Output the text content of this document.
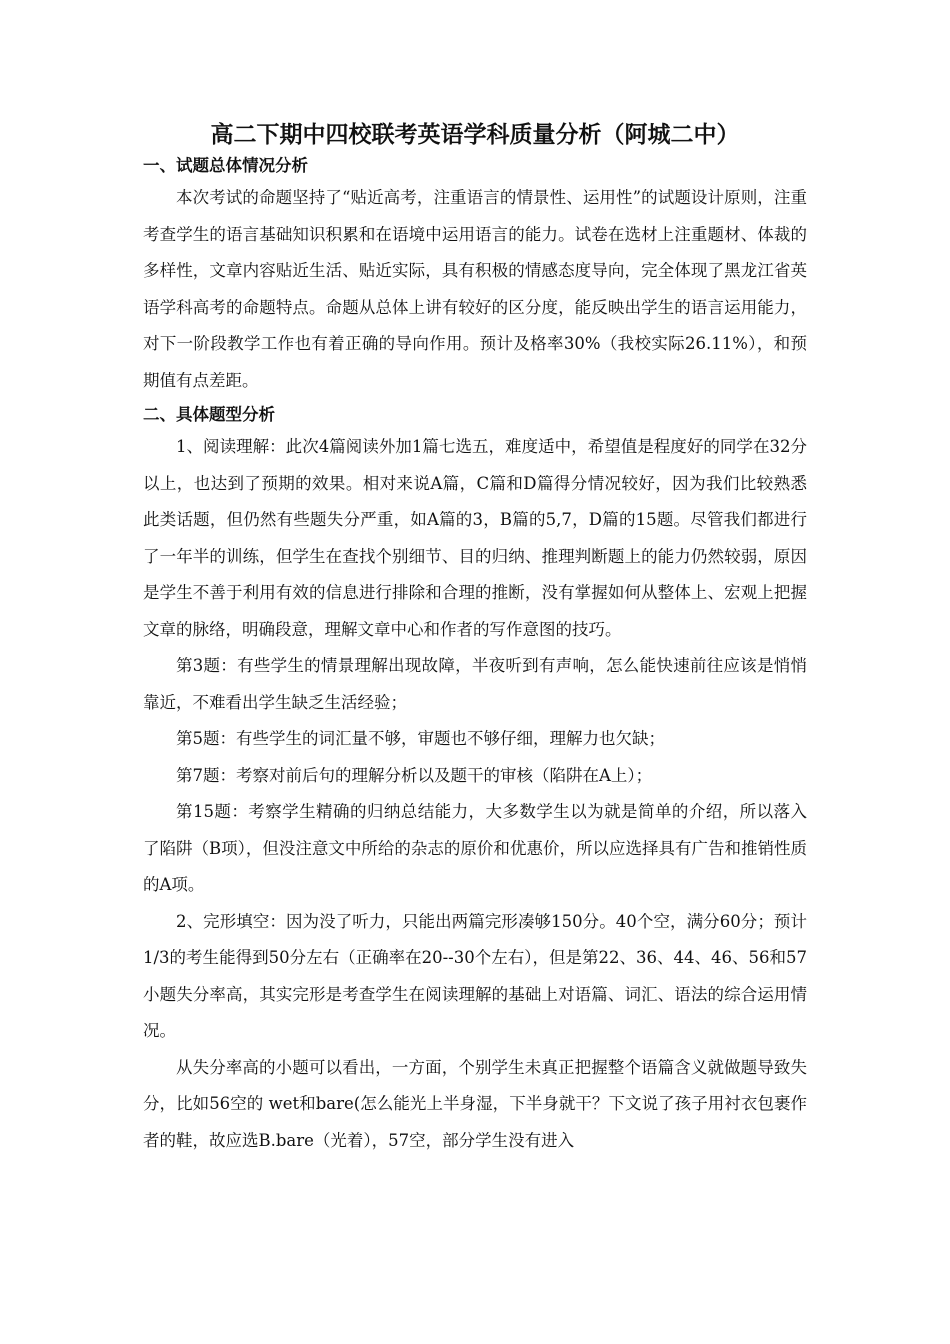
高二下期中四校联考英语学科质量分析（阿城二中）
一、试题总体情况分析

本次考试的命题坚持了“贴近高考，注重语言的情景性、运用性”的试题设计原则，注重考查学生的语言基础知识积累和在语境中运用语言的能力。试卷在选材上注重题材、体裁的多样性，文章内容贴近生活、贴近实际，具有积极的情感态度导向，完全体现了黑龙江省英语学科高考的命题特点。命题从总体上讲有较好的区分度，能反映出学生的语言运用能力，对下一阶段教学工作也有着正确的导向作用。预计及格率30%（我校实际26.11%），和预期值有点差距。

二、具体题型分析

1、阅读理解：此次4篇阅读外加1篇七选五，难度适中，希望值是程度好的同学在32分以上，也达到了预期的效果。相对来说A篇，C篇和D篇得分情况较好，因为我们比较熟悉此类话题，但仍然有些题失分严重，如A篇的3，B篇的5,7，D篇的15题。尽管我们都进行了一年半的训练，但学生在查找个别细节、目的归纳、推理判断题上的能力仍然较弱，原因是学生不善于利用有效的信息进行排除和合理的推断，没有掌握如何从整体上、宏观上把握文章的脉络，明确段意，理解文章中心和作者的写作意图的技巧。

第3题：有些学生的情景理解出现故障，半夜听到有声响，怎么能快速前往应该是悄悄靠近，不难看出学生缺乏生活经验；

第5题：有些学生的词汇量不够，审题也不够仔细，理解力也欠缺；

第7题：考察对前后句的理解分析以及题干的审核（陷阱在A上）；

第15题：考察学生精确的归纳总结能力，大多数学生以为就是简单的介绍，所以落入了陷阱（B项），但没注意文中所给的杂志的原价和优惠价，所以应选择具有广告和推销性质的A项。

2、完形填空：因为没了听力，只能出两篇完形凑够150分。40个空，满分60分；预计1/3的考生能得到50分左右（正确率在20--30个左右），但是第22、36、44、46、56和57小题失分率高，其实完形是考查学生在阅读理解的基础上对语篇、词汇、语法的综合运用情况。

从失分率高的小题可以看出，一方面，个别学生未真正把握整个语篇含义就做题导致失分，比如56空的 wet和bare(怎么能光上半身湿，下半身就干？下文说了孩子用衬衣包裹作者的鞋，故应选B.bare（光着），57空，部分学生没有进入
